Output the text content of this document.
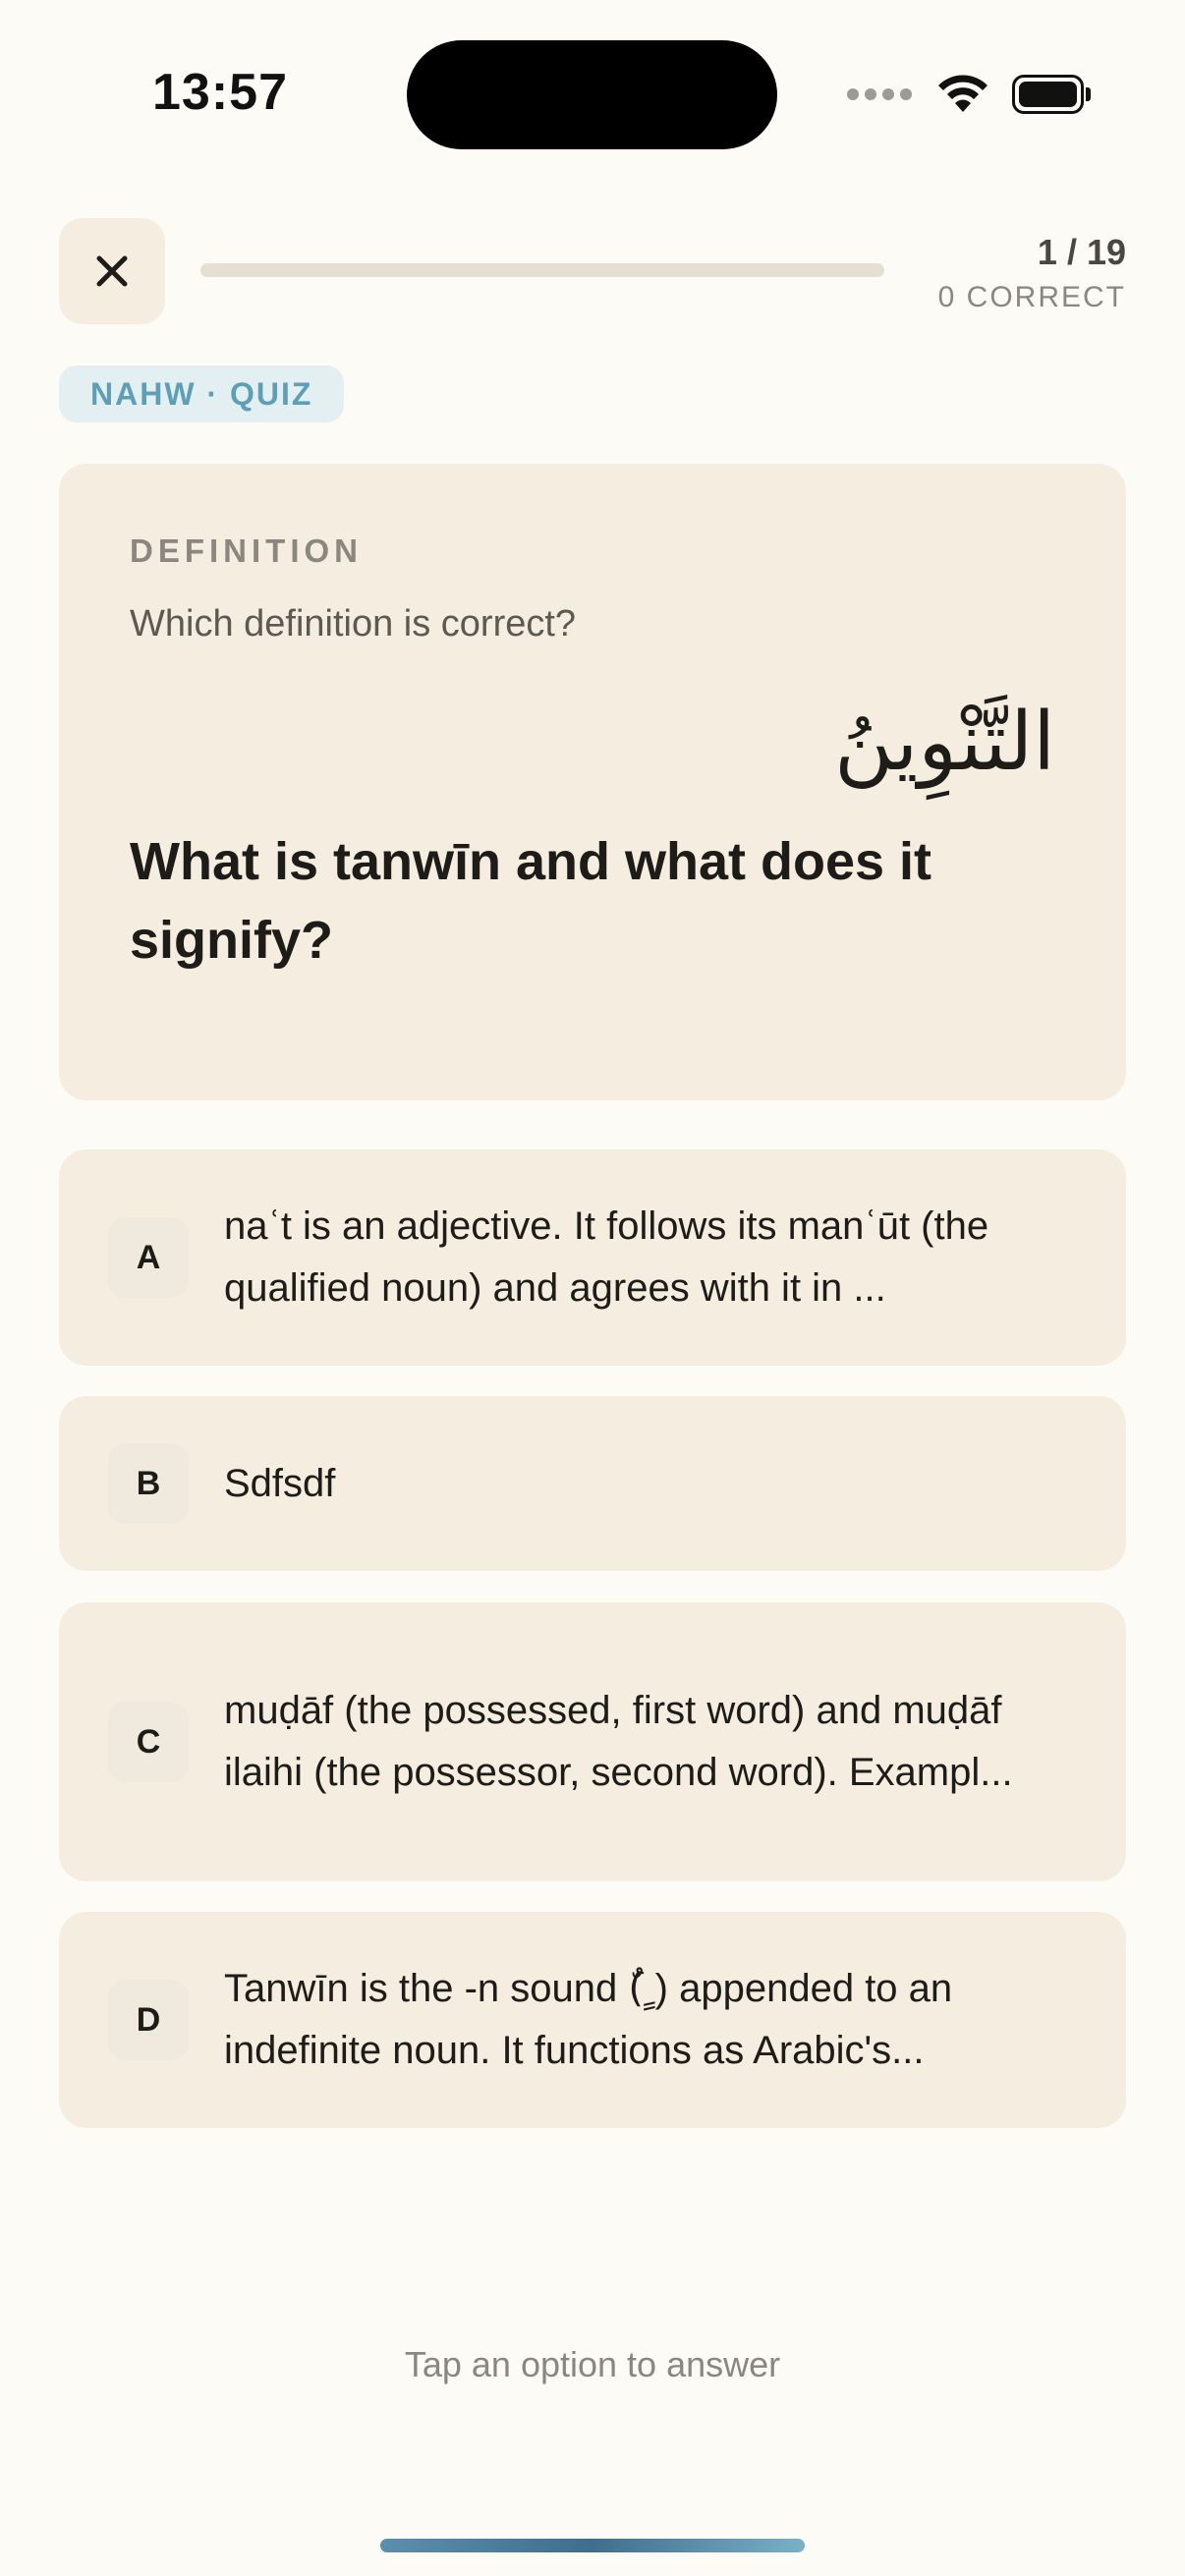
13:57
1 / 19
0 CORRECT
NAHW · QUIZ
DEFINITION
Which definition is correct?
التَّنْوِينُ
What is tanwīn and what does it signify?
A
naʿt is an adjective. It follows its manʿūt (the qualified noun) and agrees with it in ...
B	Sdfsdf
C
muḍāf (the possessed, first word) and muḍāf ilaihi (the possessor, second word). Exampl...
D
Tanwīn is the -n sound (ٌ ٍ) appended to an indefinite noun. It functions as Arabic's...
Tap an option to answer
